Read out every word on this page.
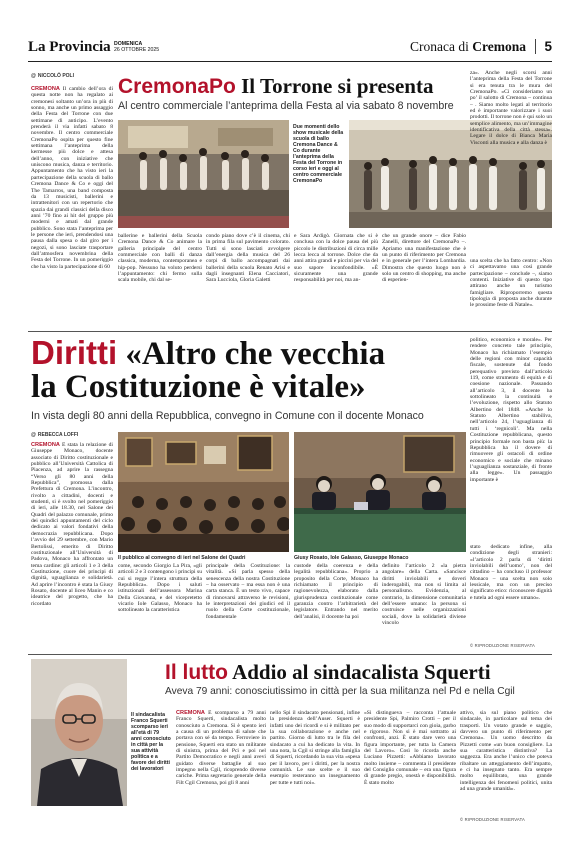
La Provincia DOMENICA
26 OTTOBRE 2025	Cronaca di Cremona	5
@ NICCOLÒ POLI CremonaPo Il Torrone si presenta
Al centro commerciale l’anteprima della Festa al via sabato 8 novembre
CREMONA Il cambio dell’ora di questa notte non ha regalato ai cremonesi soltanto un’ora in più di sonno, ma anche un primo assaggio della Festa del Torrone con due settimane di anticipo. L’evento prenderà il via infatti sabato 8 novembre. Il centro commerciale CremonaPo ospita per questo fine settimana l’anteprima della kermesse più dolce e attesa dell’anno, con iniziative che uniscono musica, danza e territorio. Appuntamento che ha visto ieri la partecipazione della scuola di ballo Cremona Dance & Co e oggi del The Tamarros, una band composta da 13 musicisti, ballerini e intrattenitori con un repertorio che spazia dai grandi classici della disco anni ’70 fino ai hit del gruppo più moderni e amati dal grande pubblico. Sono stata l’anteprima per le persone che ieri, prendendosi una pausa dalla spesa o dal giro per i negozi, si sono lasciate trasportare dall’atmosfera novembrina della Festa del Torrone. In un pomeriggio che ha visto la partecipazione di 60
Due momenti dello show musicale della scuola di ballo Cremona Dance & Co durante l’anteprima della Festa del Torrone in corso ieri e oggi al centro commerciale CremonaPo
ballerine e ballerini della Scuola Cremona Dance & Co animare la galleria principale del centro commerciale con balli di danza classica, moderna, contemporanea e hip-pop. Nessuno ha voluto perdersi l’appuntamento: chi fermo sulla scala mobile, chi dal se-
condo piano dove c’è il cinema, chi in prima fila sul pavimento colorato. Tutti si sono lasciati avvolgere dall’energia della musica del 26 corpi di ballo accompagnati dai ballerini della scuola Renato Arisi e dagli insegnanti Elena Cacciatori, Sara Lucciola, Gloria Galetti
e Sara Ardigò. Giornata che si è conclusa con la dolce pausa del più piccolo le distribuzioni di circa mille lecca lecca al torrone. Dolce che da anni attira grandi e piccini per via del suo sapore inconfondibile. «È sicuramente una grande responsabilità per noi, ma an-
che un grande onore – dice Fabio Zanelli, direttore del CremonaPo –. Apriamo una manifestazione che è un punto di riferimento per Cremona e in generale per l’intera Lombardia. Dimostra che questo luogo non è solo un centro di shopping, ma anche di esperien-
za». Anche negli scorsi anni l’anteprima della Festa del Torrone si era tenuta tra le mura del CremonaPo. «Ci consideriamo un po’ il salotto di Cremona – continua – . Siamo molto legati al territorio ed è importante valorizzare i suoi prodotti. Il torrone non è qui solo un semplice alimento, ma un’immagine identificativa della città stessa». Legare il dolce di Bianca Maria Visconti alla musica e alla danza è
una scelta che ha fatto centro: «Non ci aspettavamo una così grande partecipazione – conclude –, siamo contenti. Iniziative di questo tipo attirano anche un turismo famigliare. Riproporremo questa tipologia di proposta anche durante le prossime feste di Natale».
Diritti «Altro che vecchia
la Costituzione è vitale»
In vista degli 80 anni della Repubblica, convegno in Comune con il docente Monaco
@ REBECCA LOFFI
CREMONA È stata la relazione di Giuseppe Monaco, docente associato di Diritto costituzionale e pubblico all’Università Cattolica di Piacenza, ad aprire la rassegna “Verso gli 80 anni della Repubblica”, promossa dalla Prefettura di Cremona. L’incontro, rivolto a cittadini, docenti e studenti, si è svolto nel pomeriggio di ieri, alle 18.30, nel Salone dei Quadri del palazzo comunale, primo dei quindici appuntamenti del ciclo dedicato ai valori fondativi della democrazia repubblicana. Dopo l’avvio del 29 settembre, con Mario Bertolissi, emerito di Diritto costituzionale all’Università di Padova, Monaco ha affrontato un tema cardine: gli articoli 1 e 3 della Costituzione, cuore dei principi di dignità, uguaglianza e solidarietà. Ad aprire l’incontro è stata la Giusy Rosato, docente al liceo Manin e co ideatrice del progetto, che ha ricordato
Il pubblico al convegno di ieri nel Salone dei Quadri	Giusy Rosato, Iole Galasso, Giuseppe Monaco
come, secondo Giorgio La Pira, «gli articoli 2 e 3 contengono i principi su cui si regge l’intera struttura della Repubblica». Dopo i saluti istituzionali dell’assessora Marina Della Giovanna, e del vicepretetto vicario Iole Galasso, Monaco ha sottolineato la caratteristica
principale della Costituzione: la vitalità. «Si parla spesso della senescenza della nostra Costituzione – ha osservato – ma essa non è una carta stanca. È un testo vivo, capace di rinnovarsi attraverso le revisioni, le interpretazioni dei giudici ed il ruolo della Corte costituzionale, fondamentale
custode della coerenza e della legalità repubblicana». Proprio a proposito della Corte, Monaco ha richiamato il principio di ragionevolezza, elaborato dalla giurisprudenza costituzionale come garanzia contro l’arbitrarietà del legislatore. Entrando nel merito dell’analisi, il docente ha poi
definito l’articolo 2 «la pietra angolare» della Carta. «Sancisce diritti inviolabili e doveri inderogabili, ma non si limita al personalismo. Evidenzia, al contrario, la dimensione comunitaria dell’essere umano: la persona si costruisce nelle organizzazioni sociali, dove la solidarietà diviene vincolo
politico, economico e morale». Per rendere concreto tale principio, Monaco ha richiamato l’esempio delle regioni con minor capacità fiscale, sostenute dal fondo perequativo previsto dall’articolo 119, come strumento di equità e di coesione nazionale. Passando all’articolo 3, il docente ha sottolineato la continuità e l’evoluzione, rispetto allo Statuto Albertino del 1848. «Anche lo Statuto Albertino stabiliva, nell’articolo 24, l’uguaglianza di tutti i ‘regnicoli’. Ma nella Costituzione repubblicana, questo principio formale non basta più: la Repubblica ha il dovere di rimuovere gli ostacoli di ordine economico e sociale che minano l’uguaglianza sostanziale, di fronte alla legge». Un passaggio importante è
stato dedicato infine, alla condizione degli stranieri: «l’articolo 2 parla di ‘diritti inviolabili dell’uomo’, non del cittadino – ha concluso il professor Monaco – una scelta non solo lessicale, ma con un preciso significato etico: riconoscere dignità e tutela ad ogni essere umano».
© RIPRODUZIONE RISERVATA
Il lutto Addio al sindacalista Squerti
Aveva 79 anni: conosciutissimo in città per la sua militanza nel Pd e nella Cgil
Il sindacalista Franco Squerti scomparso ieri all’età di 79 anni conosciuto in città per la sua attività politica e a favore dei diritti dei lavoratori
CREMONA È scomparso a 79 anni Franco Squerti, sindacalista molto conosciuto a Cremona. Si è spento ieri a causa di un problema di salute che portava con sé da tempo. Ferroviere in pensione, Squerti era stato un militante di sinistra, prima del Pci e poi nel Partito Democratico e negli anni avevi guidato diverse battaglie al suo impegno nella Cgil, ricoprendo diverse cariche. Prima segretario generale della Filt Cgil Cremona, poi gli 8 anni
nello Spi il sindacato pensionati, infine la presidenza dell’Auser. Squerti è infatti uno dei ricordi e si è militato per la sua collaborazione e anche nel partito. Giorno di lutto tra le fila del sindacato a cui ha dedicato la vita. In una nota, la Cgil si stringe alla famiglia di Squerti, ricordando la sua vita «spesa per il lavoro, per i diritti, per la nostra comunità. Le sue scelte e il suo esempio resteranno un insegnamento per tutte e tutti noi».
«Si distingueva – racconta l’attuale presidente Spi, Palmiro Crotti – per il suo modo di supportarci con gioia, garbo e rigoroso. Non si è mai sottratto ai confronti, anzi. È stato dare vero una figura importante, per tutta la Camera del Lavoro». Così lo ricorda anche Luciano Pizzetti: «Abbiamo lavorato molto insieme – commenta il presidente del Consiglio comunale – era una figura di grande pregio, onestà e disponibilità. È stato molto
attivo, sia sul piano politico che sindacale, in particolare sul tema dei trasporti. Un votato grande e saggio, davvero un punto di riferimento per Cremona». Un uomo descritto da Pizzetti come «un buon consigliere. La sua caratteristica distintiva? La saggezza. Era anche l’unico che poteva ribaltare un atteggiamento dell’impatto, e ci ha insegnato tanto. Era sempre molto equilibrato, una grande intelligenza dei fenomeni politici, unita ad una grande umanità».
© RIPRODUZIONE RISERVATA
